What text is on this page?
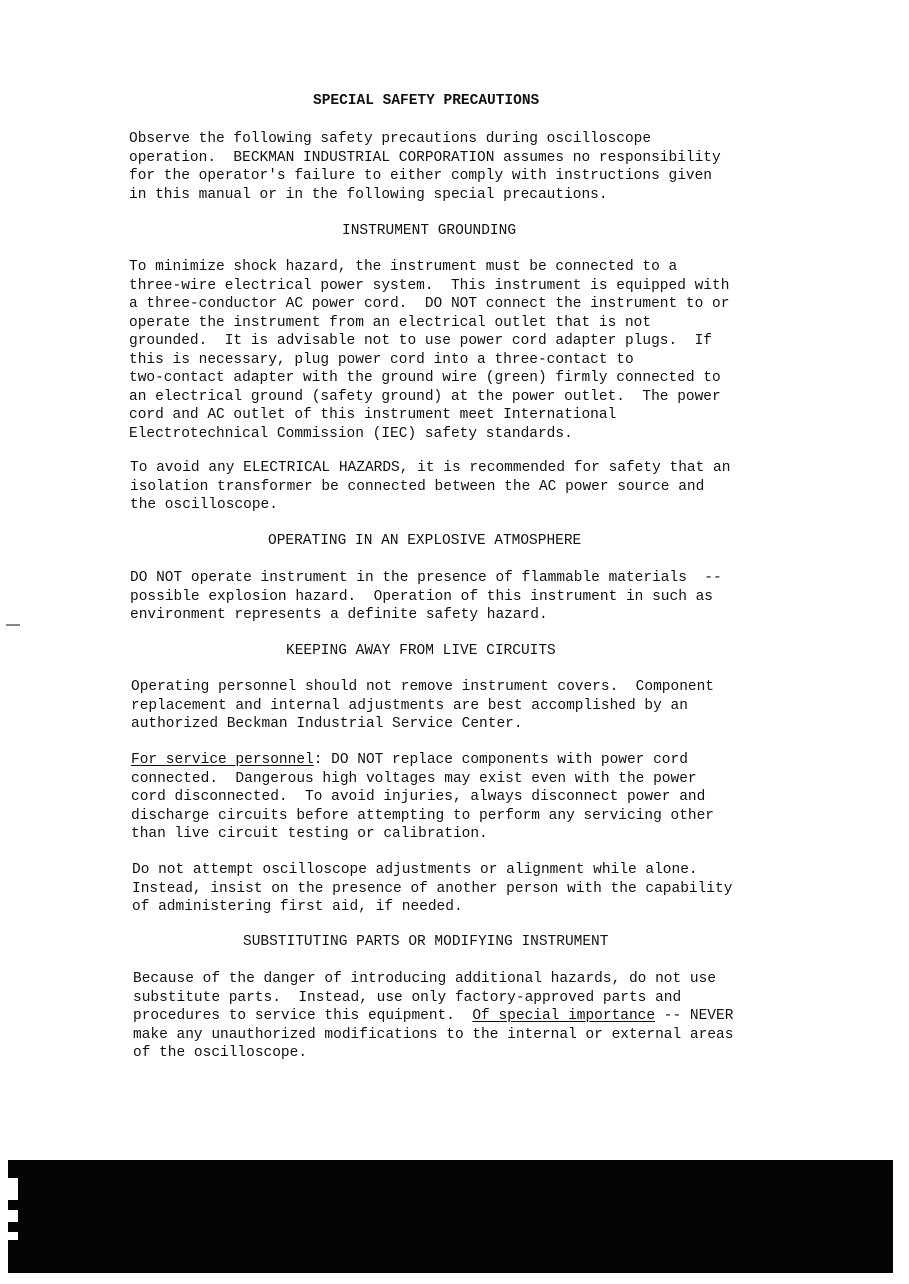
SPECIAL SAFETY PRECAUTIONS

Observe the following safety precautions during oscilloscope
operation.  BECKMAN INDUSTRIAL CORPORATION assumes no responsibility
for the operator's failure to either comply with instructions given
in this manual or in the following special precautions.

INSTRUMENT GROUNDING

To minimize shock hazard, the instrument must be connected to a
three-wire electrical power system.  This instrument is equipped with
a three-conductor AC power cord.  DO NOT connect the instrument to or
operate the instrument from an electrical outlet that is not
grounded.  It is advisable not to use power cord adapter plugs.  If
this is necessary, plug power cord into a three-contact to
two-contact adapter with the ground wire (green) firmly connected to
an electrical ground (safety ground) at the power outlet.  The power
cord and AC outlet of this instrument meet International
Electrotechnical Commission (IEC) safety standards.

To avoid any ELECTRICAL HAZARDS, it is recommended for safety that an
isolation transformer be connected between the AC power source and
the oscilloscope.

OPERATING IN AN EXPLOSIVE ATMOSPHERE

DO NOT operate instrument in the presence of flammable materials  --
possible explosion hazard.  Operation of this instrument in such as
environment represents a definite safety hazard.

KEEPING AWAY FROM LIVE CIRCUITS

Operating personnel should not remove instrument covers.  Component
replacement and internal adjustments are best accomplished by an
authorized Beckman Industrial Service Center.

For service personnel: DO NOT replace components with power cord
connected.  Dangerous high voltages may exist even with the power
cord disconnected.  To avoid injuries, always disconnect power and
discharge circuits before attempting to perform any servicing other
than live circuit testing or calibration.

Do not attempt oscilloscope adjustments or alignment while alone.
Instead, insist on the presence of another person with the capability
of administering first aid, if needed.

SUBSTITUTING PARTS OR MODIFYING INSTRUMENT

Because of the danger of introducing additional hazards, do not use
substitute parts.  Instead, use only factory-approved parts and
procedures to service this equipment.  Of special importance -- NEVER
make any unauthorized modifications to the internal or external areas
of the oscilloscope.
